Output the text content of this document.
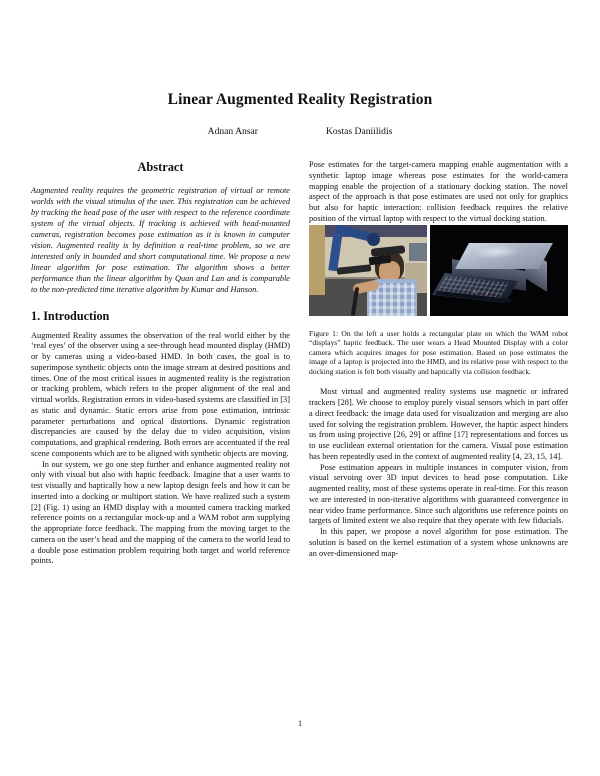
Linear Augmented Reality Registration
Adnan Ansar	Kostas Daniilidis
Abstract

Augmented reality requires the geometric registration of virtual or remote worlds with the visual stimulus of the user. This registration can be achieved by tracking the head pose of the user with respect to the reference coordinate system of the virtual objects. If tracking is achieved with head-mounted cameras, registration becomes pose estimation as it is known in computer vision. Augmented reality is by definition a real-time problem, so we are interested only in bounded and short computational time. We propose a new linear algorithm for pose estimation. The algorithm shows a better performance than the linear algorithm by Quan and Lan and is comparable to the non-predicted time iterative algorithm by Kumar and Hanson.

1. Introduction

Augmented Reality assumes the observation of the real world either by the ‘real eyes’ of the observer using a see-through head mounted display (HMD) or by cameras using a video-based HMD. In both cases, the goal is to superimpose synthetic objects onto the image stream at desired positions and times. One of the most critical issues in augmented reality is the registration or tracking problem, which refers to the proper alignment of the real and virtual worlds. Registration errors in video-based systems are classified in [3] as static and dynamic. Static errors arise from pose estimation, intrinsic parameter perturbations and optical distortions. Dynamic registration discrepancies are caused by the delay due to video acquisition, vision computations, and graphical rendering. Both errors are accentuated if the real scene components which are to be aligned with synthetic objects are moving.

In our system, we go one step further and enhance augmented reality not only with visual but also with haptic feedback. Imagine that a user wants to test visually and haptically how a new laptop design feels and how it can be inserted into a docking or multiport station. We have realized such a system [2] (Fig. 1) using an HMD display with a mounted camera tracking marked reference points on a rectangular mock-up and a WAM robot arm supplying the appropriate force feedback. The mapping from the moving target to the camera on the user’s head and the mapping of the camera to the world lead to a double pose estimation problem requiring both target and world reference points.

Pose estimates for the target-camera mapping enable augmentation with a synthetic laptop image whereas pose estimates for the world-camera mapping enable the projection of a stationary docking station. The novel aspect of the approach is that pose estimates are used not only for graphics but also for haptic interaction: collision feedback requires the relative position of the virtual laptop with respect to the virtual docking station.

Figure 1: On the left a user holds a rectangular plate on which the WAM robot “displays” haptic feedback. The user wears a Head Mounted Display with a color camera which acquires images for pose estimation. Based on pose estimates the image of a laptop is projected into the HMD, and its relative pose with respect to the docking station is felt both visually and haptically via collision feedback.

Most virtual and augmented reality systems use magnetic or infrared trackers [28]. We choose to employ purely visual sensors which in part offer a direct feedback: the image data used for visualization and merging are also used for solving the registration problem. However, the haptic aspect hinders us from using projective [26, 29] or affine [17] representations and forces us to use euclidean external orientation for the camera. Visual pose estimation has been repeatedly used in the context of augmented reality [4, 23, 15, 14].

Pose estimation appears in multiple instances in computer vision, from visual servoing over 3D input devices to head pose computation. Like augmented reality, most of these systems operate in real-time. For this reason we are interested in non-iterative algorithms with guaranteed convergence in near video frame performance. Since such algorithms use reference points on targets of limited extent we also require that they operate with few fiducials.

In this paper, we propose a novel algorithm for pose estimation. The solution is based on the kernel estimation of a system whose unknowns are an over-dimensioned map-

1
